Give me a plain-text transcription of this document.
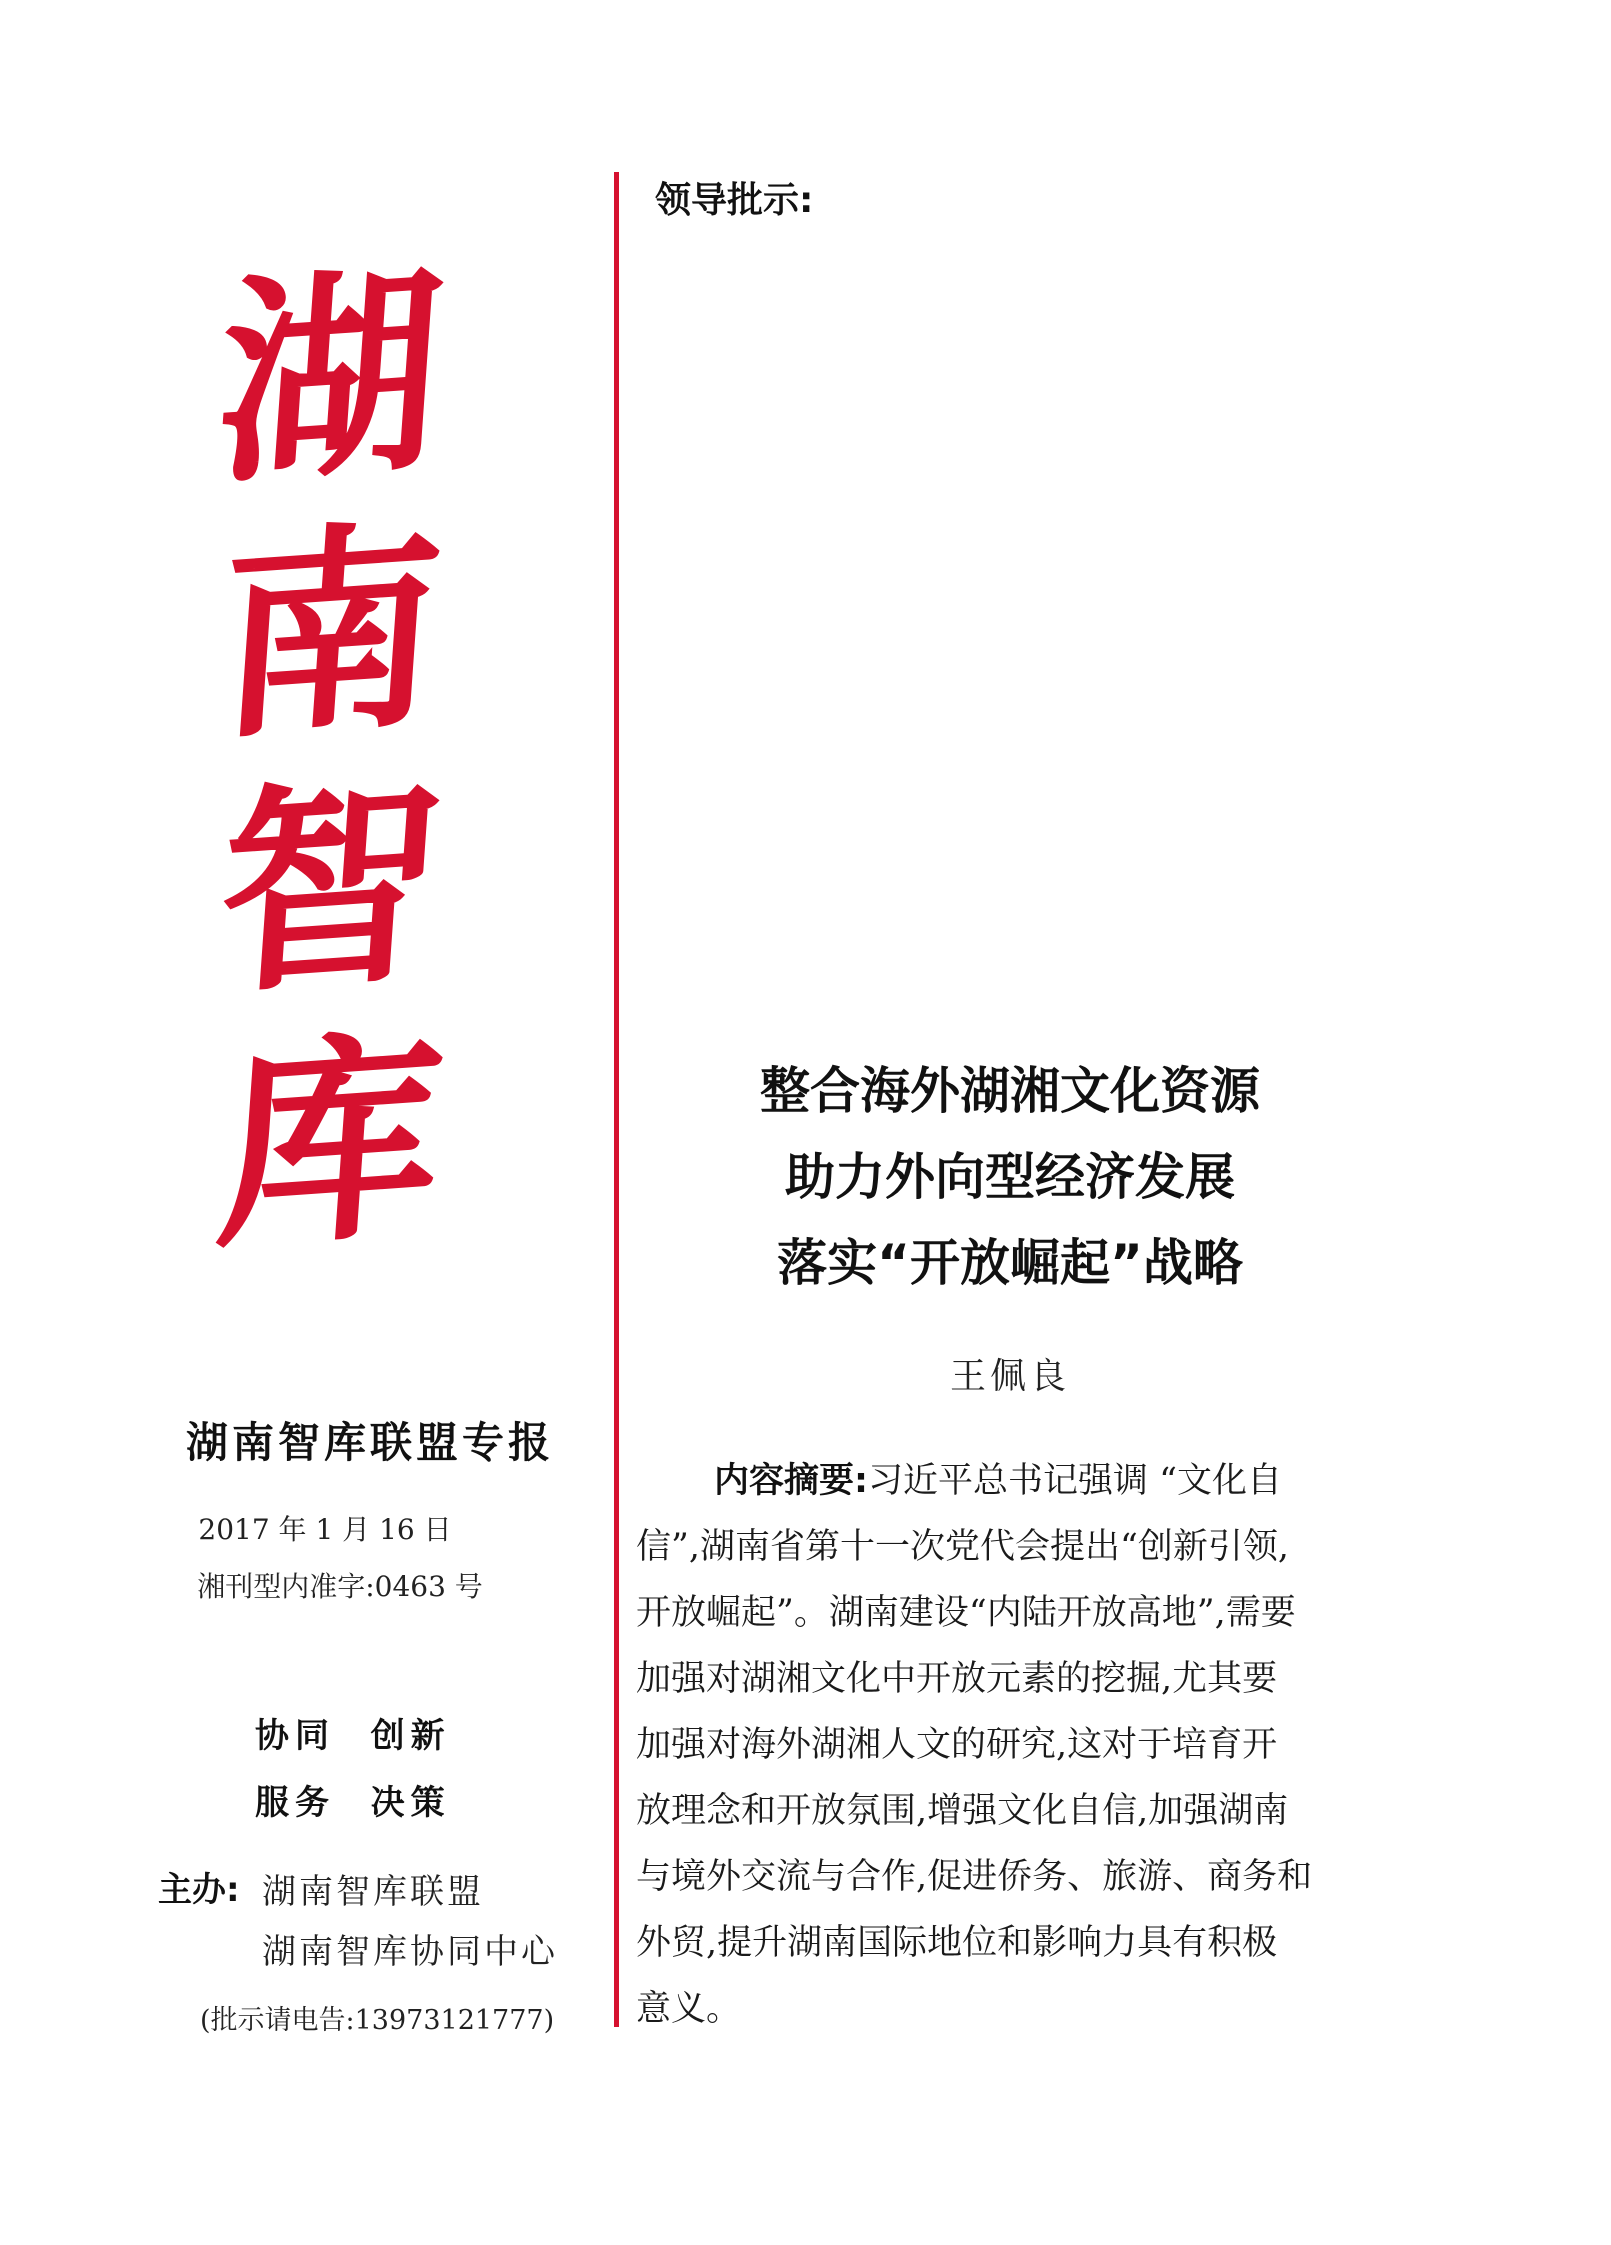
湖
南
智
库
湖南智库联盟专报
2017 年 1 月 16 日
湘刊型内准字:0463 号
协同  创新
服务  决策
主办: 湖南智库联盟
湖南智库协同中心
(批示请电告:13973121777)
领导批示:
整合海外湖湘文化资源
助力外向型经济发展
落实“开放崛起”战略
王佩良
内容摘要:习近平总书记强调 “文化自
信”,湖南省第十一次党代会提出“创新引领,
开放崛起”。湖南建设“内陆开放高地”,需要
加强对湖湘文化中开放元素的挖掘,尤其要
加强对海外湖湘人文的研究,这对于培育开
放理念和开放氛围,增强文化自信,加强湖南
与境外交流与合作,促进侨务、旅游、商务和
外贸,提升湖南国际地位和影响力具有积极
意义。
